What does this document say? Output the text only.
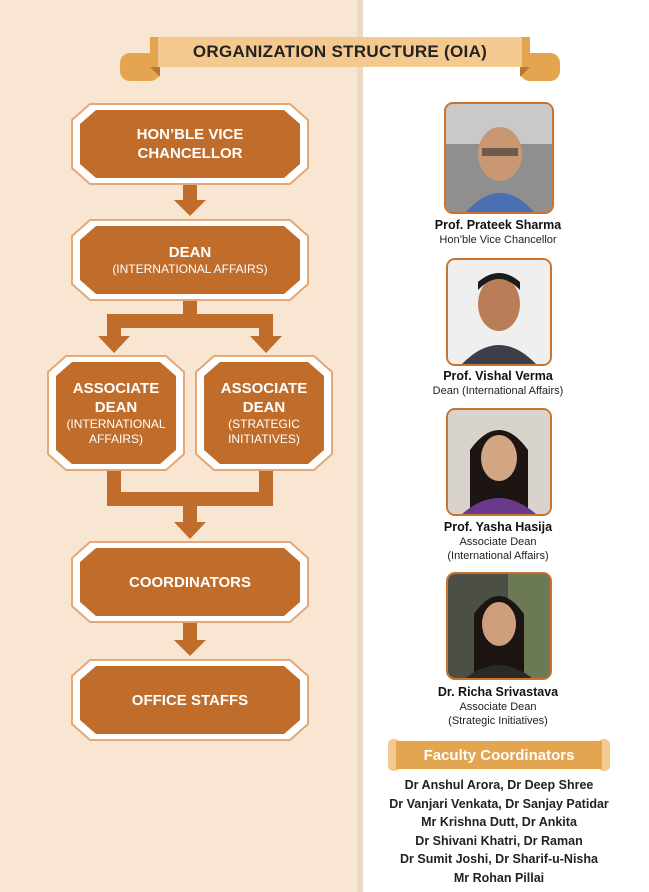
ORGANIZATION STRUCTURE (OIA)
HON’BLE VICE CHANCELLOR
DEAN
(INTERNATIONAL AFFAIRS)
ASSOCIATE DEAN
(INTERNATIONAL AFFAIRS)
ASSOCIATE DEAN
(STRATEGIC INITIATIVES)
COORDINATORS
OFFICE STAFFS
Prof. Prateek Sharma
Hon’ble Vice Chancellor
Prof. Vishal Verma
Dean (International Affairs)
Prof. Yasha Hasija
Associate Dean
(International Affairs)
Dr. Richa Srivastava
Associate Dean
(Strategic Initiatives)
Faculty Coordinators
Dr Anshul Arora, Dr Deep Shree
Dr Vanjari Venkata, Dr Sanjay Patidar
Mr Krishna Dutt, Dr Ankita
Dr Shivani Khatri, Dr Raman
Dr Sumit Joshi, Dr Sharif-u-Nisha
Mr Rohan Pillai
